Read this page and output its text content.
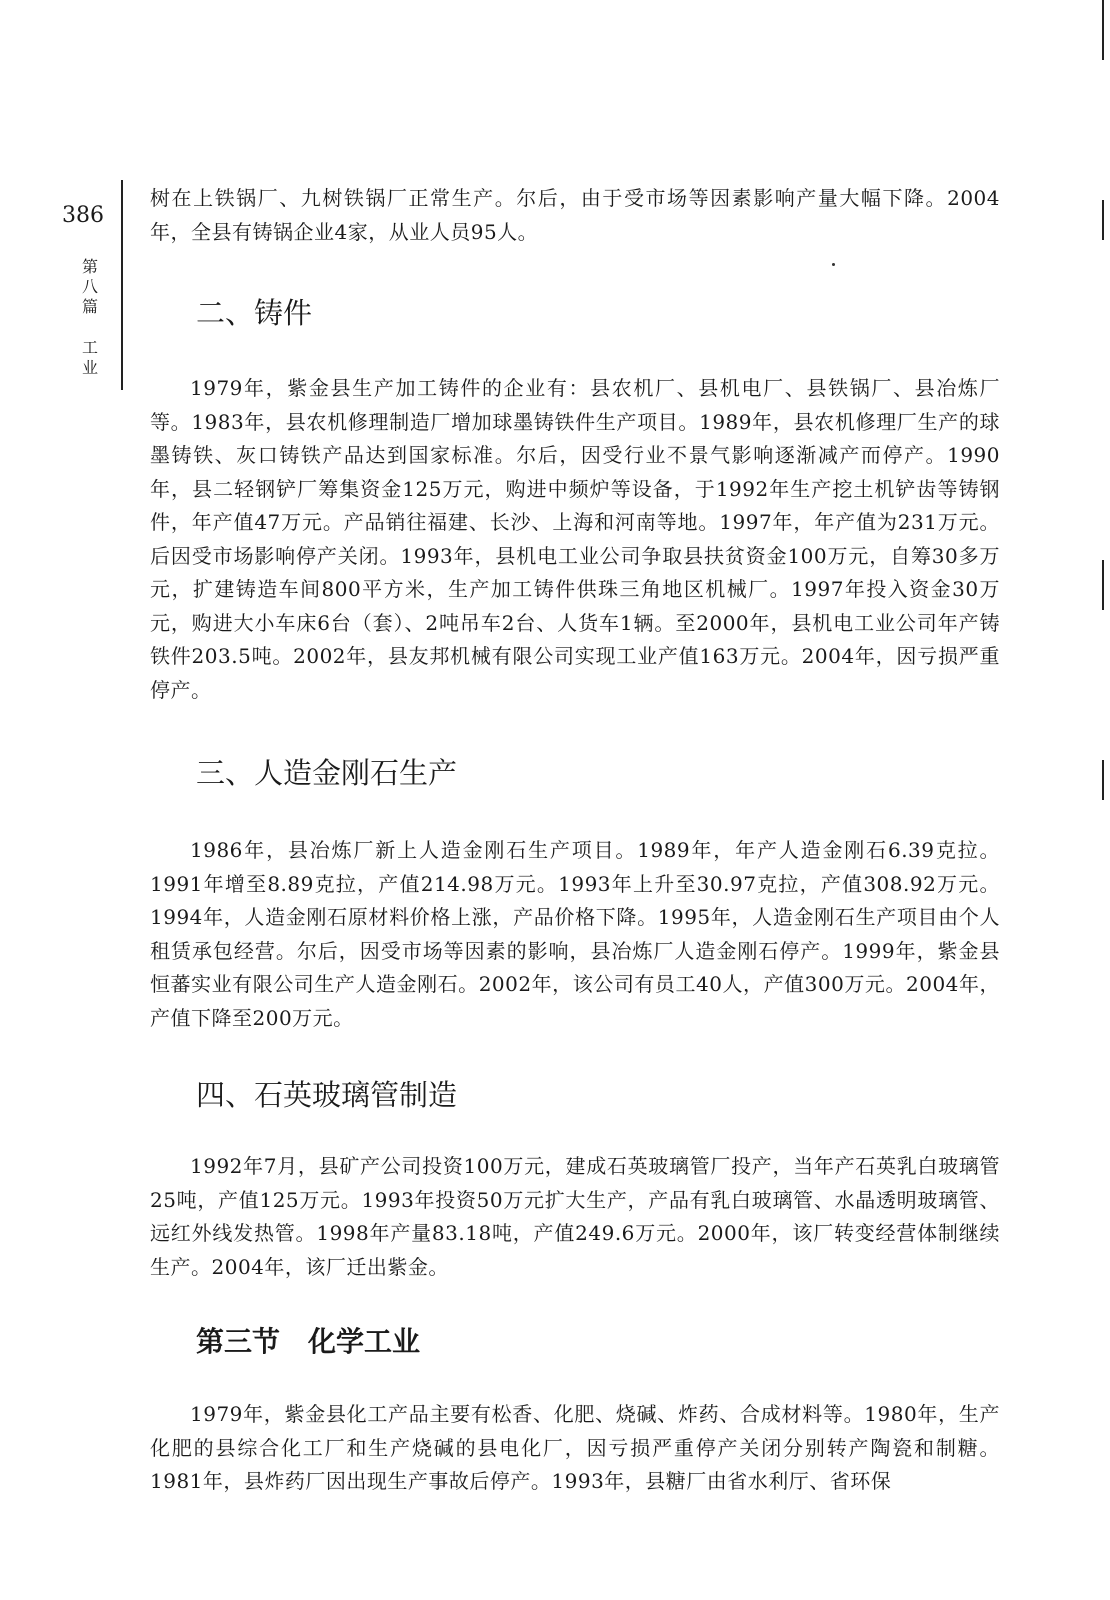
386
第八篇
工业

树在上铁锅厂、九树铁锅厂正常生产。尔后，由于受市场等因素影响产量大幅下降。2004年，全县有铸锅企业4家，从业人员95人。

二、铸件

1979年，紫金县生产加工铸件的企业有：县农机厂、县机电厂、县铁锅厂、县冶炼厂等。1983年，县农机修理制造厂增加球墨铸铁件生产项目。1989年，县农机修理厂生产的球墨铸铁、灰口铸铁产品达到国家标准。尔后，因受行业不景气影响逐渐减产而停产。1990年，县二轻钢铲厂筹集资金125万元，购进中频炉等设备，于1992年生产挖土机铲齿等铸钢件，年产值47万元。产品销往福建、长沙、上海和河南等地。1997年，年产值为231万元。后因受市场影响停产关闭。1993年，县机电工业公司争取县扶贫资金100万元，自筹30多万元，扩建铸造车间800平方米，生产加工铸件供珠三角地区机械厂。1997年投入资金30万元，购进大小车床6台（套）、2吨吊车2台、人货车1辆。至2000年，县机电工业公司年产铸铁件203.5吨。2002年，县友邦机械有限公司实现工业产值163万元。2004年，因亏损严重停产。

三、人造金刚石生产

1986年，县冶炼厂新上人造金刚石生产项目。1989年，年产人造金刚石6.39克拉。1991年增至8.89克拉，产值214.98万元。1993年上升至30.97克拉，产值308.92万元。1994年，人造金刚石原材料价格上涨，产品价格下降。1995年，人造金刚石生产项目由个人租赁承包经营。尔后，因受市场等因素的影响，县冶炼厂人造金刚石停产。1999年，紫金县恒蕃实业有限公司生产人造金刚石。2002年，该公司有员工40人，产值300万元。2004年，产值下降至200万元。

四、石英玻璃管制造

1992年7月，县矿产公司投资100万元，建成石英玻璃管厂投产，当年产石英乳白玻璃管25吨，产值125万元。1993年投资50万元扩大生产，产品有乳白玻璃管、水晶透明玻璃管、远红外线发热管。1998年产量83.18吨，产值249.6万元。2000年，该厂转变经营体制继续生产。2004年，该厂迁出紫金。

第三节　化学工业

1979年，紫金县化工产品主要有松香、化肥、烧碱、炸药、合成材料等。1980年，生产化肥的县综合化工厂和生产烧碱的县电化厂，因亏损严重停产关闭分别转产陶瓷和制糖。1981年，县炸药厂因出现生产事故后停产。1993年，县糖厂由省水利厅、省环保
